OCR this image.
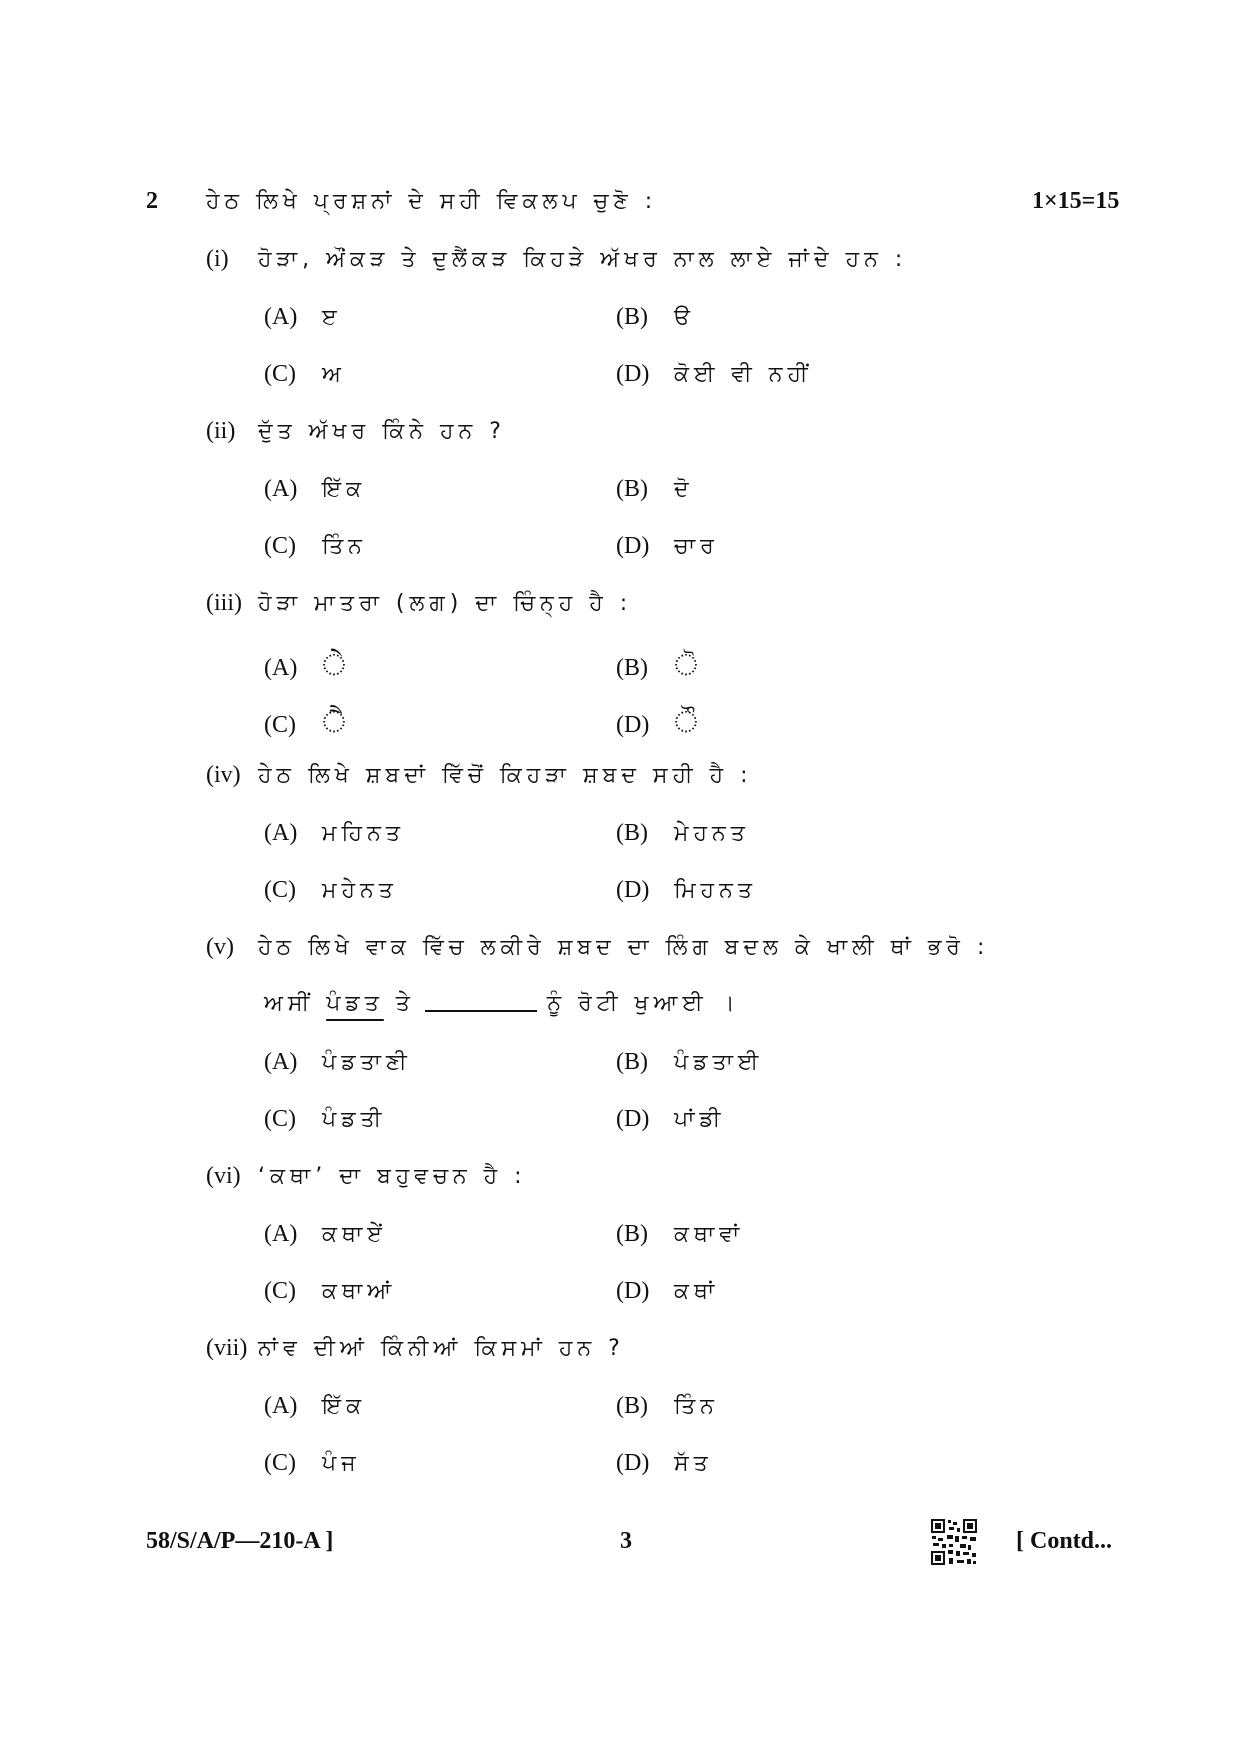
2 ਹੇਠ ਲਿਖੇ ਪ੍ਰਸ਼ਨਾਂ ਦੇ ਸਹੀ ਵਿਕਲਪ ਚੁਣੋ :	1×15=15
(i) ਹੋੜਾ, ਔਂਕੜ ਤੇ ਦੁਲੈਂਕੜ ਕਿਹੜੇ ਅੱਖਰ ਨਾਲ ਲਾਏ ਜਾਂਦੇ ਹਨ :
(A) ੲ	(B) ੳ
(C) ਅ	(D) ਕੋਈ ਵੀ ਨਹੀਂ
(ii) ਦੁੱਤ ਅੱਖਰ ਕਿੰਨੇ ਹਨ ?
(A) ਇੱਕ	(B) ਦੋ
(C) ਤਿੰਨ	(D) ਚਾਰ
(iii) ਹੋੜਾ ਮਾਤਰਾ (ਲਗ) ਦਾ ਚਿੰਨ੍ਹ ਹੈ :
(A) ੇ	(B) ੋ
(C) ੈ	(D) ੌ
(iv) ਹੇਠ ਲਿਖੇ ਸ਼ਬਦਾਂ ਵਿੱਚੋਂ ਕਿਹੜਾ ਸ਼ਬਦ ਸਹੀ ਹੈ :
(A) ਮਹਿਨਤ	(B) ਮੇਹਨਤ
(C) ਮਹੇਨਤ	(D) ਮਿਹਨਤ
(v) ਹੇਠ ਲਿਖੇ ਵਾਕ ਵਿੱਚ ਲਕੀਰੇ ਸ਼ਬਦ ਦਾ ਲਿੰਗ ਬਦਲ ਕੇ ਖਾਲੀ ਥਾਂ ਭਰੋ :
ਅਸੀਂ ਪੰਡਤ ਤੇ	ਨੂੰ ਰੋਟੀ ਖੁਆਈ ।
(A) ਪੰਡਤਾਣੀ	(B) ਪੰਡਤਾਈ
(C) ਪੰਡਤੀ	(D) ਪਾਂਡੀ
(vi) ‘ਕਥਾ’ ਦਾ ਬਹੁਵਚਨ ਹੈ :
(A) ਕਥਾਏਂ	(B) ਕਥਾਵਾਂ
(C) ਕਥਾਆਂ	(D) ਕਥਾਂ
(vii) ਨਾਂਵ ਦੀਆਂ ਕਿੰਨੀਆਂ ਕਿਸਮਾਂ ਹਨ ?
(A) ਇੱਕ	(B) ਤਿੰਨ
(C) ਪੰਜ	(D) ਸੱਤ
58/S/A/P—210-A ]	3	[ Contd...
